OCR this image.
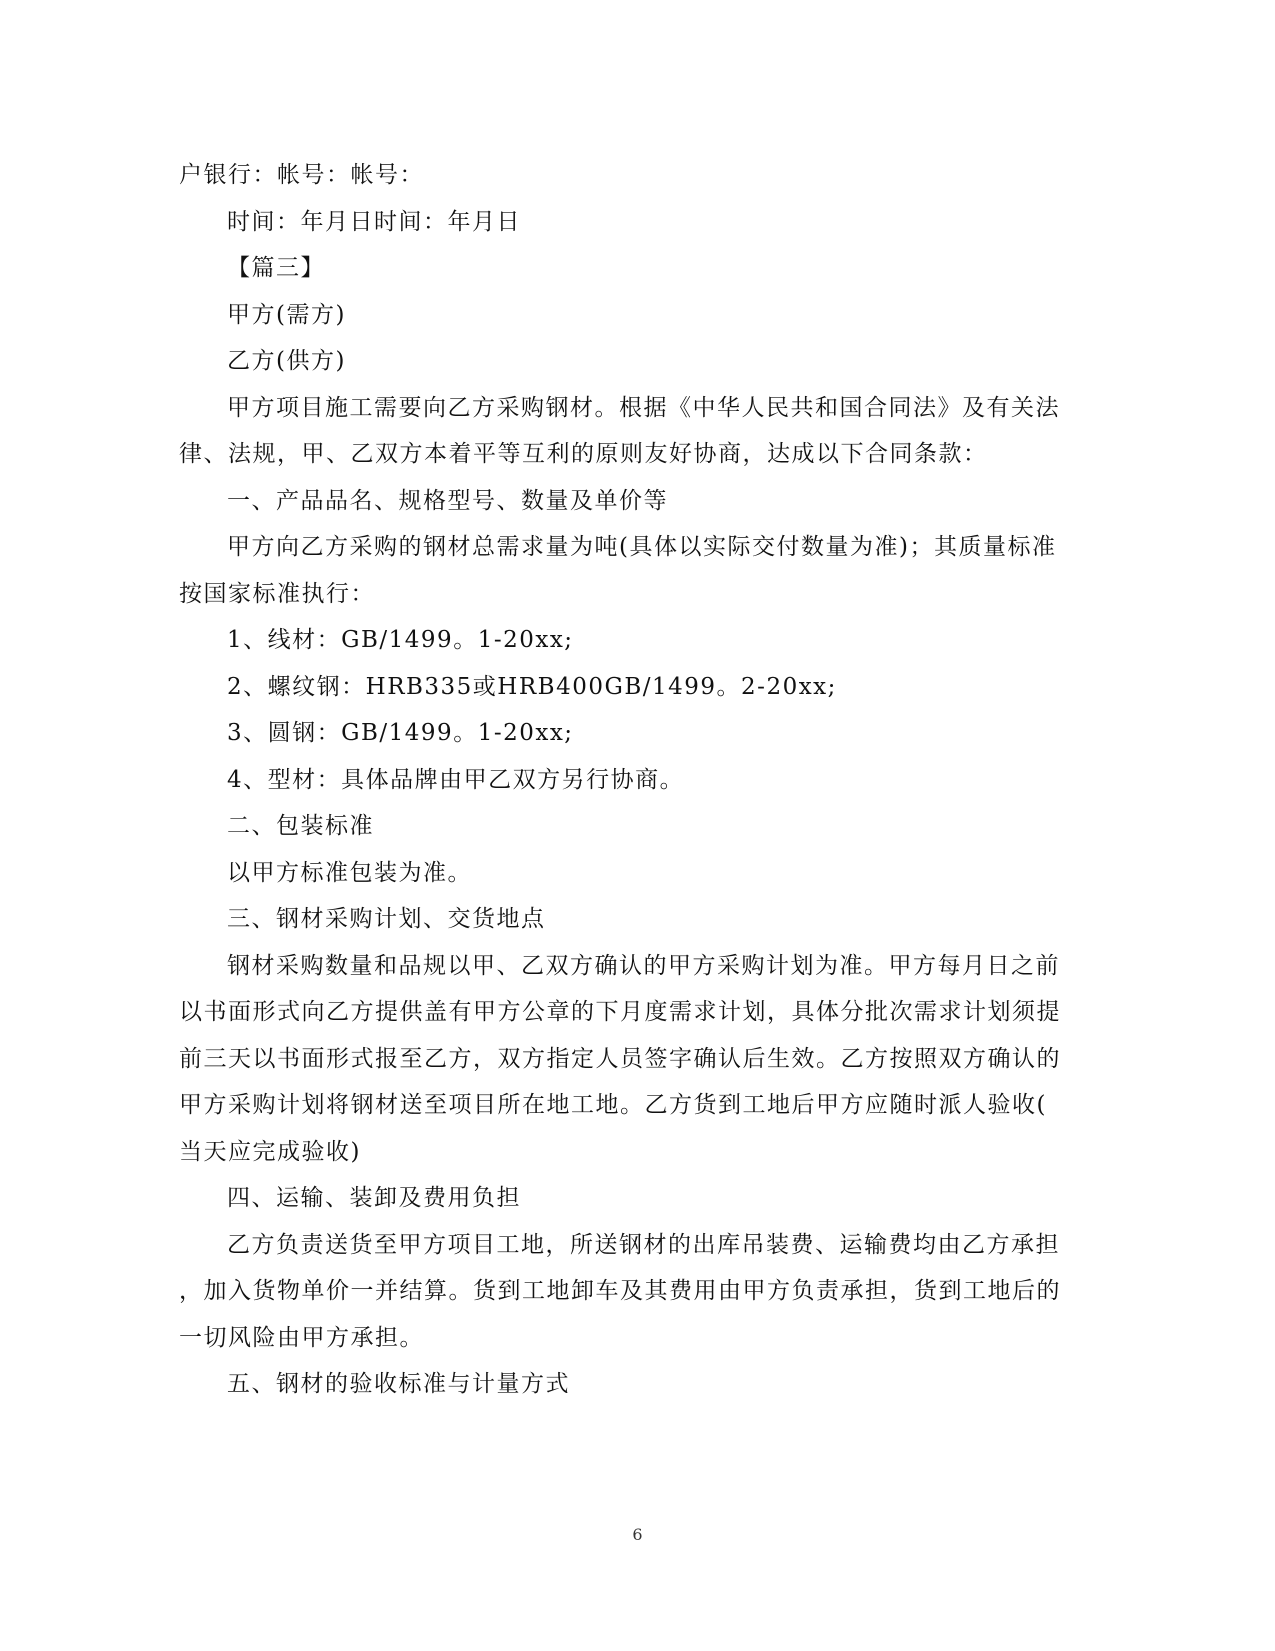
户银行：帐号：帐号：
时间：年月日时间：年月日
【篇三】
甲方(需方)
乙方(供方)
甲方项目施工需要向乙方采购钢材。根据《中华人民共和国合同法》及有关法
律、法规，甲、乙双方本着平等互利的原则友好协商，达成以下合同条款：
一、产品品名、规格型号、数量及单价等
甲方向乙方采购的钢材总需求量为吨(具体以实际交付数量为准)；其质量标准
按国家标准执行：
1、线材：GB/1499。1-20xx;
2、螺纹钢：HRB335或HRB400GB/1499。2-20xx;
3、圆钢：GB/1499。1-20xx;
4、型材：具体品牌由甲乙双方另行协商。
二、包装标准
以甲方标准包装为准。
三、钢材采购计划、交货地点
钢材采购数量和品规以甲、乙双方确认的甲方采购计划为准。甲方每月日之前
以书面形式向乙方提供盖有甲方公章的下月度需求计划，具体分批次需求计划须提
前三天以书面形式报至乙方，双方指定人员签字确认后生效。乙方按照双方确认的
甲方采购计划将钢材送至项目所在地工地。乙方货到工地后甲方应随时派人验收(
当天应完成验收)
四、运输、装卸及费用负担
乙方负责送货至甲方项目工地，所送钢材的出库吊装费、运输费均由乙方承担
，加入货物单价一并结算。货到工地卸车及其费用由甲方负责承担，货到工地后的
一切风险由甲方承担。
五、钢材的验收标准与计量方式
6
